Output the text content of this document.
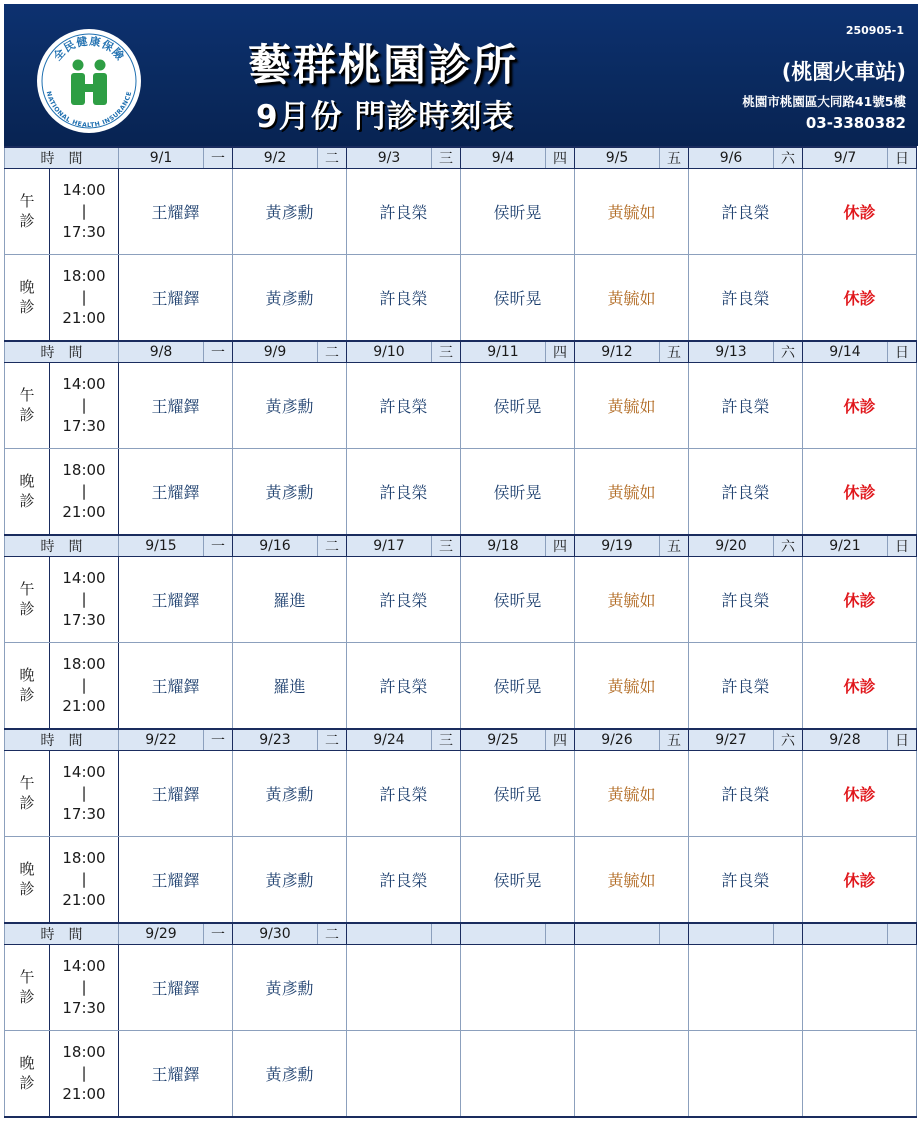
全民健康保險
NATIONAL HEALTH INSURANCE
藝群桃園診所
9月份 門診時刻表
250905-1
(桃園火車站)
桃園市桃園區大同路41號5樓
03-3380382
時　間		9/1	一	9/2	二	9/3	三	9/4	四	9/5	五	9/6	六	9/7	日
午診	14:00
|
17:30	王耀鐸		黃彥勳		許良榮		侯昕晃		黃毓如		許良榮		休診	
晚診	18:00
|
21:00	王耀鐸		黃彥勳		許良榮		侯昕晃		黃毓如		許良榮		休診	
時　間		9/8	一	9/9	二	9/10	三	9/11	四	9/12	五	9/13	六	9/14	日
午診	14:00
|
17:30	王耀鐸		黃彥勳		許良榮		侯昕晃		黃毓如		許良榮		休診	
晚診	18:00
|
21:00	王耀鐸		黃彥勳		許良榮		侯昕晃		黃毓如		許良榮		休診	
時　間		9/15	一	9/16	二	9/17	三	9/18	四	9/19	五	9/20	六	9/21	日
午診	14:00
|
17:30	王耀鐸		羅進		許良榮		侯昕晃		黃毓如		許良榮		休診	
晚診	18:00
|
21:00	王耀鐸		羅進		許良榮		侯昕晃		黃毓如		許良榮		休診	
時　間		9/22	一	9/23	二	9/24	三	9/25	四	9/26	五	9/27	六	9/28	日
午診	14:00
|
17:30	王耀鐸		黃彥勳		許良榮		侯昕晃		黃毓如		許良榮		休診	
晚診	18:00
|
21:00	王耀鐸		黃彥勳		許良榮		侯昕晃		黃毓如		許良榮		休診	
時　間		9/29	一	9/30	二										
午診	14:00
|
17:30	王耀鐸		黃彥勳											
晚診	18:00
|
21:00	王耀鐸		黃彥勳											
